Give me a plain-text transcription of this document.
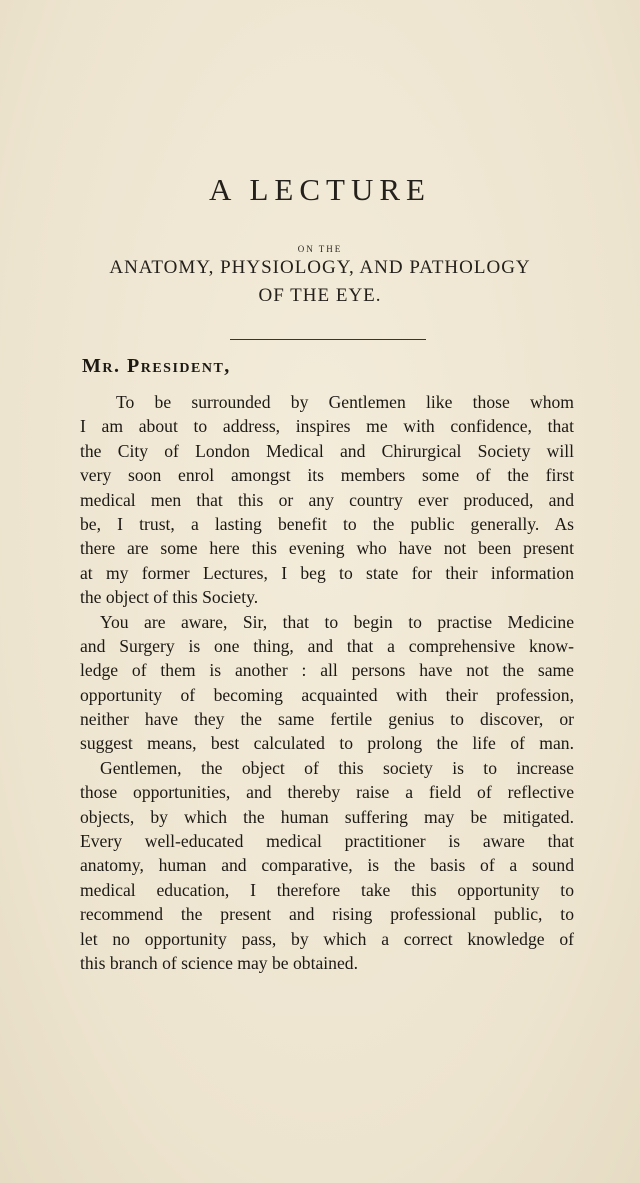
A LECTURE
ON THE
ANATOMY, PHYSIOLOGY, AND PATHOLOGY
OF THE EYE.
Mr. President,
To be surrounded by Gentlemen like those whom
I am about to address, inspires me with confidence, that
the City of London Medical and Chirurgical Society will
very soon enrol amongst its members some of the first
medical men that this or any country ever produced, and
be, I trust, a lasting benefit to the public generally. As
there are some here this evening who have not been present
at my former Lectures, I beg to state for their information
the object of this Society.
You are aware, Sir, that to begin to practise Medicine
and Surgery is one thing, and that a comprehensive know-
ledge of them is another : all persons have not the same
opportunity of becoming acquainted with their profession,
neither have they the same fertile genius to discover, or
suggest means, best calculated to prolong the life of man.
Gentlemen, the object of this society is to increase
those opportunities, and thereby raise a field of reflective
objects, by which the human suffering may be mitigated.
Every well-educated medical practitioner is aware that
anatomy, human and comparative, is the basis of a sound
medical education, I therefore take this opportunity to
recommend the present and rising professional public, to
let no opportunity pass, by which a correct knowledge of
this branch of science may be obtained.
